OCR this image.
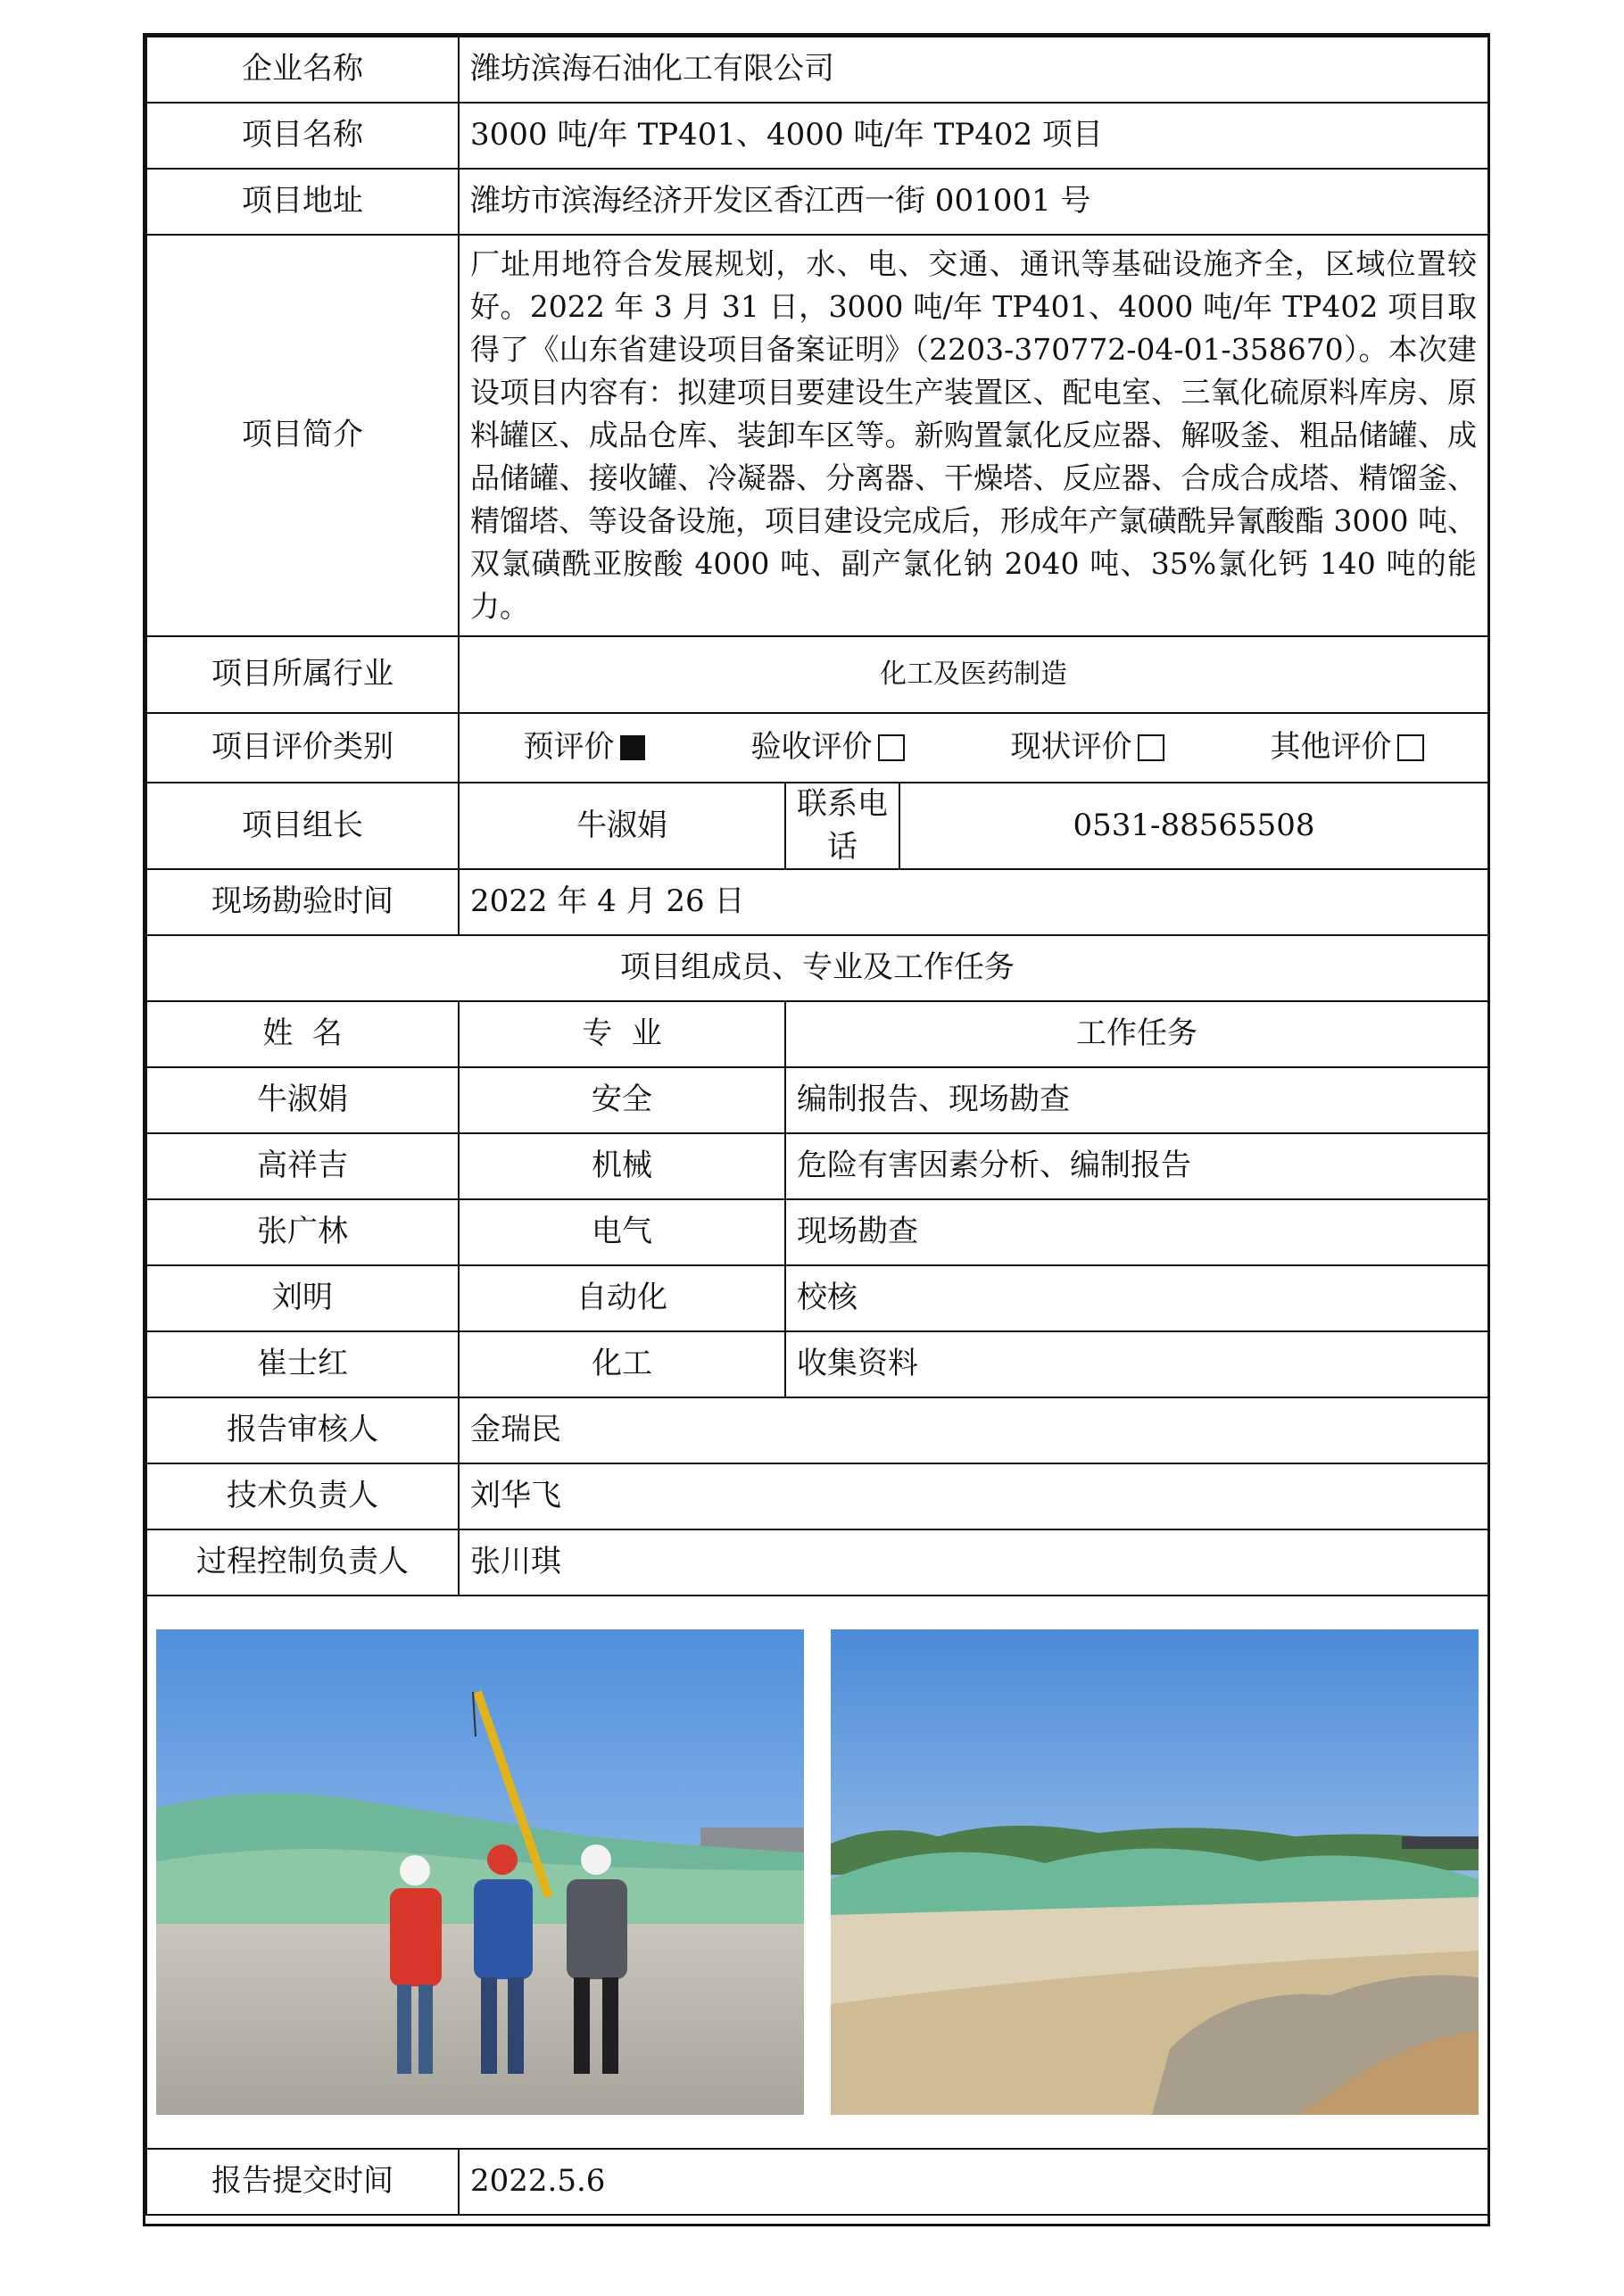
企业名称	潍坊滨海石油化工有限公司		
项目名称	3000 吨/年 TP401、4000 吨/年 TP402 项目		
项目地址	潍坊市滨海经济开发区香江西一街 001001 号		
项目简介	厂址用地符合发展规划，水、电、交通、通讯等基础设施齐全，区域位置较好。2022 年 3 月 31 日，3000 吨/年 TP401、4000 吨/年 TP402 项目取得了《山东省建设项目备案证明》（2203-370772-04-01-358670）。本次建设项目内容有：拟建项目要建设生产装置区、配电室、三氧化硫原料库房、原料罐区、成品仓库、装卸车区等。新购置氯化反应器、解吸釜、粗品储罐、成品储罐、接收罐、冷凝器、分离器、干燥塔、反应器、合成合成塔、精馏釜、精馏塔、等设备设施，项目建设完成后，形成年产氯磺酰异氰酸酯 3000 吨、双氯磺酰亚胺酸 4000 吨、副产氯化钠 2040 吨、35%氯化钙 140 吨的能力。		
项目所属行业	化工及医药制造		
项目评价类别	预评价 验收评价 现状评价 其他评价		

项目组长	牛淑娟	联系电话	0531-88565508
现场勘验时间	2022 年 4 月 26 日		
项目组成员、专业及工作任务			
姓  名	专  业	工作任务	
牛淑娟	安全	编制报告、现场勘查	
高祥吉	机械	危险有害因素分析、编制报告	
张广林	电气	现场勘查	
刘明	自动化	校核	
崔士红	化工	收集资料	
报告审核人	金瑞民		
技术负责人	刘华飞		
过程控制负责人	张川琪		

报告提交时间	2022.5.6		
